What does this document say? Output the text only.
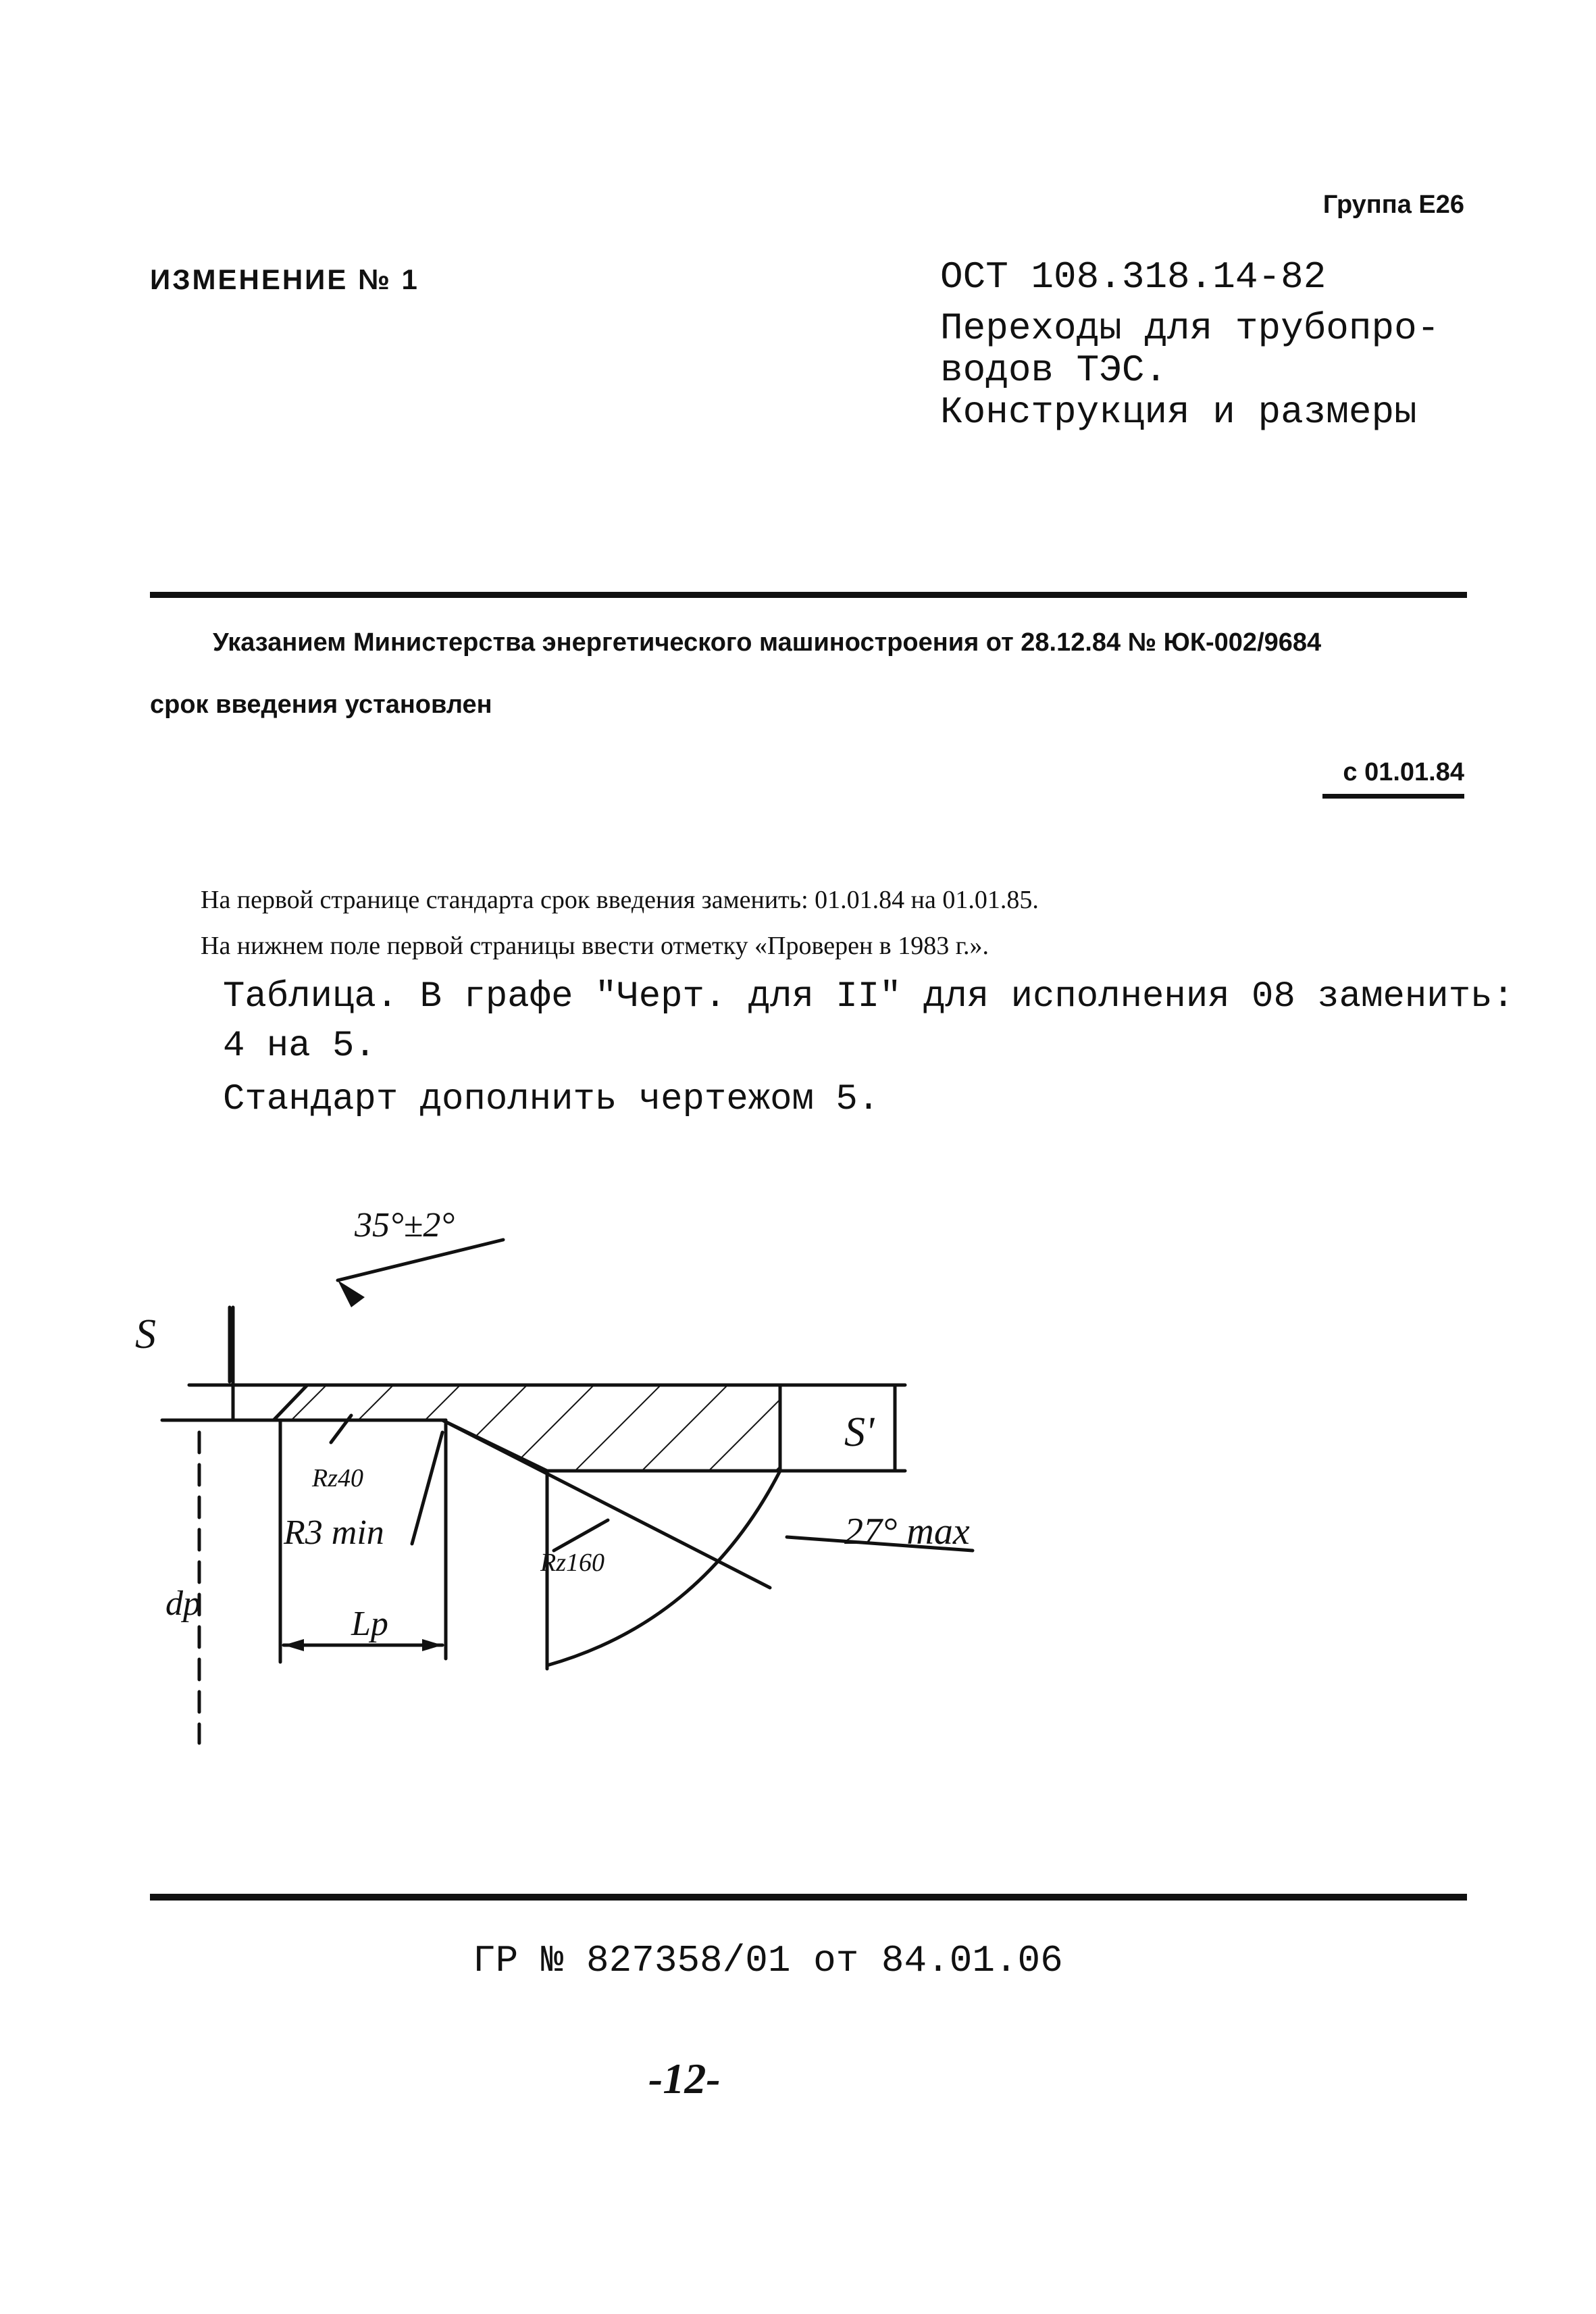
Группа Е26
ИЗМЕНЕНИЕ № 1	ОСТ 108.318.14-82
Переходы для трубопро-
водов ТЭС.
Конструкция и размеры
Указанием Министерства энергетического машиностроения от 28.12.84 № ЮК-002/9684
срок введения установлен
с 01.01.84
На первой странице стандарта срок введения заменить: 01.01.84 на 01.01.85.
На нижнем поле первой страницы ввести отметку «Проверен в 1983 г.».
Таблица. В графе "Черт. для II" для исполнения 08 заменить:
4 на 5.
Стандарт дополнить чертежом 5.
35°±2°
S
S'
Rz40
R3 min
Rz160
27° max
Lp
dp
ГР № 827358/01 от 84.01.06
-12-
